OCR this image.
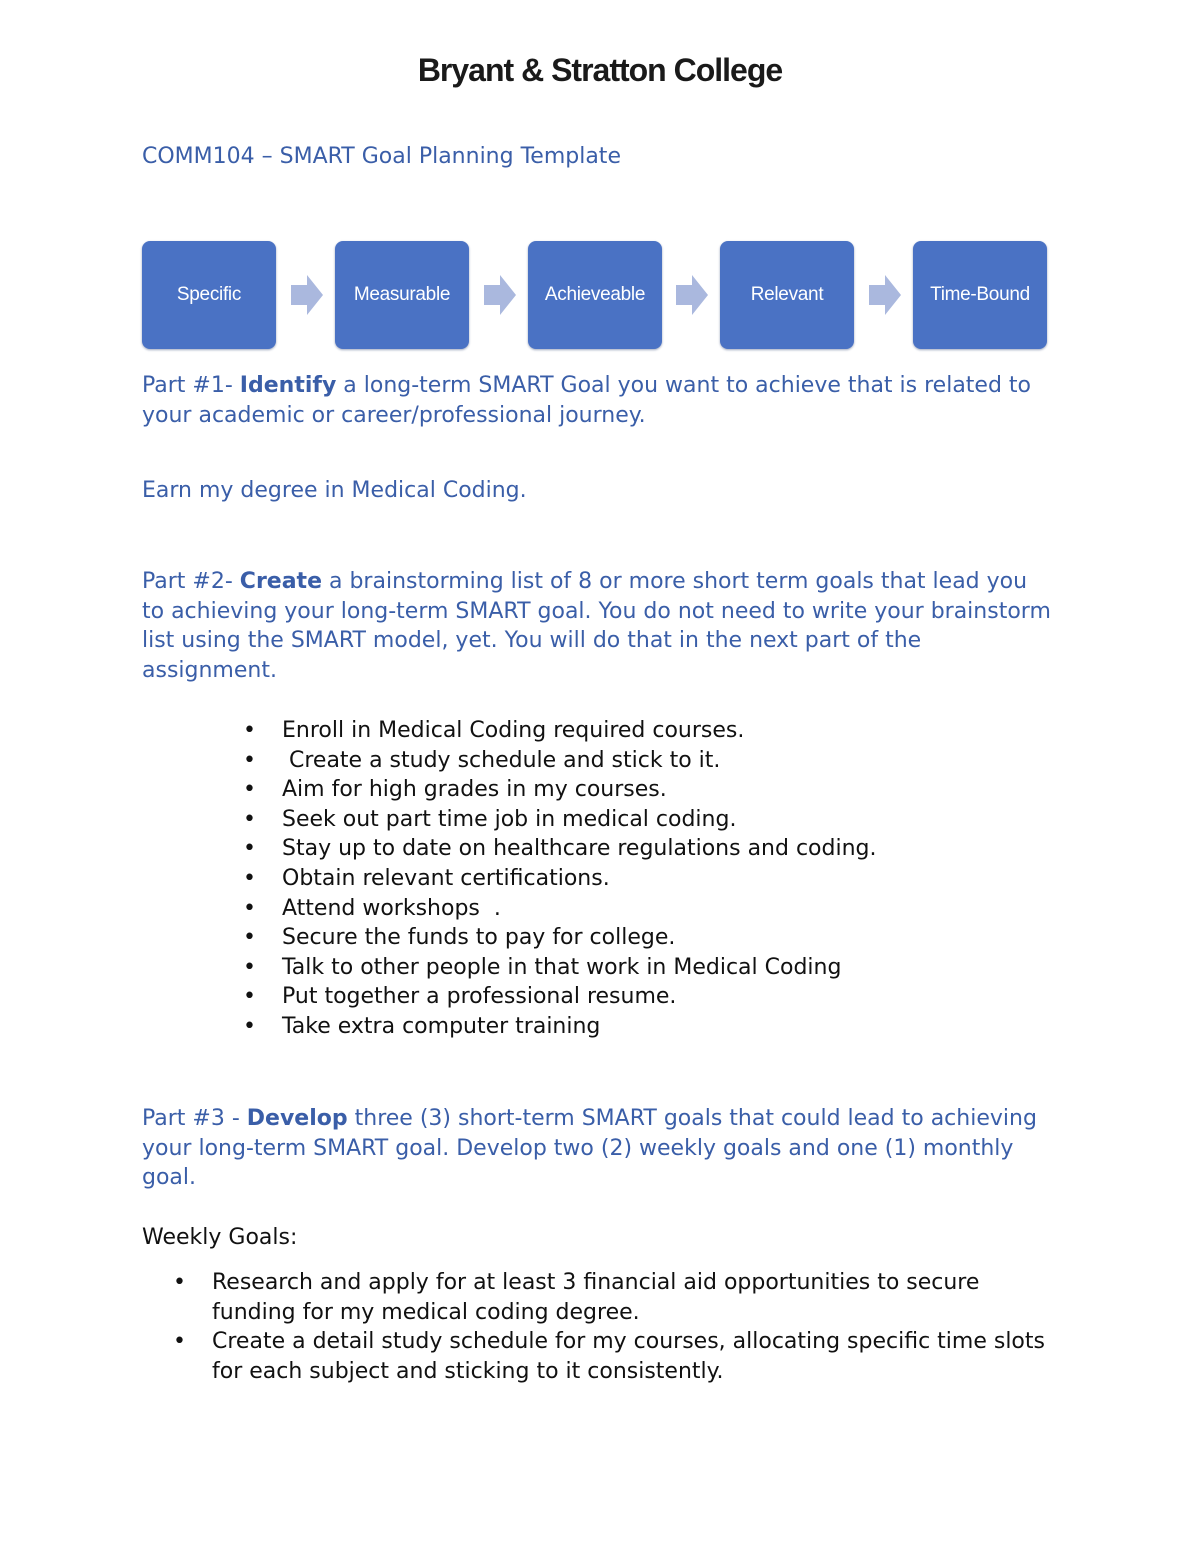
Bryant & Stratton College
COMM104 – SMART Goal Planning Template
Specific	Measurable	Achieveable	Relevant	Time-Bound
Part #1- Identify a long-term SMART Goal you want to achieve that is related to your academic or career/professional journey.
Earn my degree in Medical Coding.
Part #2- Create a brainstorming list of 8 or more short term goals that lead you to achieving your long-term SMART goal. You do not need to write your brainstorm list using the SMART model, yet. You will do that in the next part of the assignment.
• Enroll in Medical Coding required courses.
• Create a study schedule and stick to it.
• Aim for high grades in my courses.
• Seek out part time job in medical coding.
• Stay up to date on healthcare regulations and coding.
• Obtain relevant certifications.
• Attend workshops  .
• Secure the funds to pay for college.
• Talk to other people in that work in Medical Coding
• Put together a professional resume.
• Take extra computer training
Part #3 - Develop three (3) short-term SMART goals that could lead to achieving your long-term SMART goal. Develop two (2) weekly goals and one (1) monthly goal.
Weekly Goals:
• Research and apply for at least 3 financial aid opportunities to secure funding for my medical coding degree.
• Create a detail study schedule for my courses, allocating specific time slots for each subject and sticking to it consistently.
